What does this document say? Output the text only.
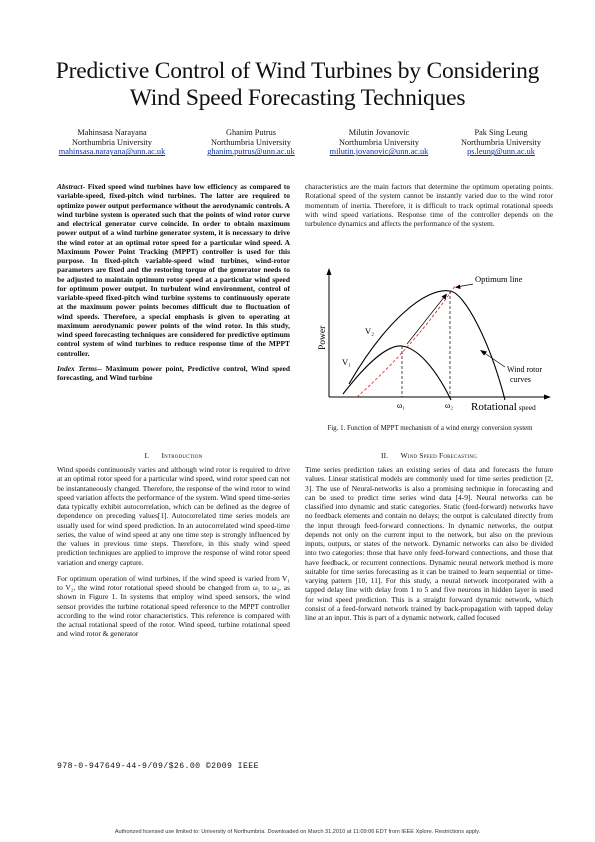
Predictive Control of Wind Turbines by Considering
Wind Speed Forecasting Techniques
Mahinsasa Narayana
Northumbria University
mahinsasa.narayana@unn.ac.uk
Ghanim Putrus
Northumbria University
ghanim.putrus@unn.ac.uk
Milutin Jovanovic
Northumbria University
milutin.jovanovic@unn.ac.uk
Pak Sing Leung
Northumbria University
ps.leung@unn.ac.uk

Abstract- Fixed speed wind turbines have low efficiency as compared to variable-speed, fixed-pitch wind turbines. The latter are required to optimize power output performance without the aerodynamic controls. A wind turbine system is operated such that the points of wind rotor curve and electrical generator curve coincide. In order to obtain maximum power output of a wind turbine generator system, it is necessary to drive the wind rotor at an optimal rotor speed for a particular wind speed. A Maximum Power Point Tracking (MPPT) controller is used for this purpose. In fixed-pitch variable-speed wind turbines, wind-rotor parameters are fixed and the restoring torque of the generator needs to be adjusted to maintain optimum rotor speed at a particular wind speed for optimum power output. In turbulent wind environment, control of variable-speed fixed-pitch wind turbine systems to continuously operate at the maximum power points becomes difficult due to fluctuation of wind speeds. Therefore, a special emphasis is given to operating at maximum aerodynamic power points of the wind rotor. In this study, wind speed forecasting techniques are considered for predictive optimum control system of wind turbines to reduce response time of the MPPT controller.

Index Terms-- Maximum power point, Predictive control, Wind speed forecasting, and Wind turbine

I. Introduction

Wind speeds continuously varies and although wind rotor is required to drive at an optimal rotor speed for a particular wind speed, wind rotor speed can not be instantaneously changed. Therefore, the response of the wind rotor to wind speed variation affects the performance of the system. Wind speed time-series data typically exhibit autocorrelation, which can be defined as the degree of dependence on preceding values[1]. Autocorrelated time series models are usually used for wind speed prediction. In an autocorrelated wind speed-time series, the value of wind speed at any one time step is strongly influenced by the values in previous time steps. Therefore, in this study wind speed prediction techniques are applied to improve the response of wind rotor speed variation and energy capture.

For optimum operation of wind turbines, if the wind speed is varied from V₁ to V₂, the wind rotor rotational speed should be changed from ω₁ to ω₂, as shown in Figure 1. In systems that employ wind speed sensors, the wind sensor provides the turbine rotational speed reference to the MPPT controller according to the wind rotor characteristics. This reference is compared with the actual rotational speed of the rotor. Wind speed, turbine rotational speed and wind rotor & generator

characteristics are the main factors that determine the optimum operating points. Rotational speed of the system cannot be instantly varied due to the wind rotor momentum of inertia. Therefore, it is difficult to track optimal rotational speeds with wind speed variations. Response time of the controller depends on the turbulence dynamics and affects the performance of the system.

Power
Optimum line
V₂
V₁
Wind rotor
curves
ω₁	ω₂ Rotational speed
Fig. 1. Function of MPPT mechanism of a wind energy conversion system
II. Wind Speed Forecasting

Time series prediction takes an existing series of data and forecasts the future values. Linear statistical models are commonly used for time series prediction [2, 3]. The use of Neural-networks is also a promising technique in forecasting and can be used to predict time series wind data [4-9]. Neural networks can be classified into dynamic and static categories. Static (feed-forward) networks have no feedback elements and contain no delays; the output is calculated directly from the input through feed-forward connections. In dynamic networks, the output depends not only on the current input to the network, but also on the previous inputs, outputs, or states of the network. Dynamic networks can also be divided into two categories: those that have only feed-forward connections, and those that have feedback, or recurrent connections. Dynamic neural network method is more suitable for time series forecasting as it can be trained to learn sequential or time-varying pattern [10, 11]. For this study, a neural network incorporated with a tapped delay line with delay from 1 to 5 and five neurons in hidden layer is used for wind speed prediction. This is a straight forward dynamic network, which consist of a feed-forward network trained by back-propagation with tapped delay line at an input. This is part of a dynamic network, called focused

978-0-947649-44-9/09/$26.00 ©2009 IEEE
Authorized licensed use limited to: University of Northumbria. Downloaded on March 31,2010 at 11:09:06 EDT from IEEE Xplore. Restrictions apply.
